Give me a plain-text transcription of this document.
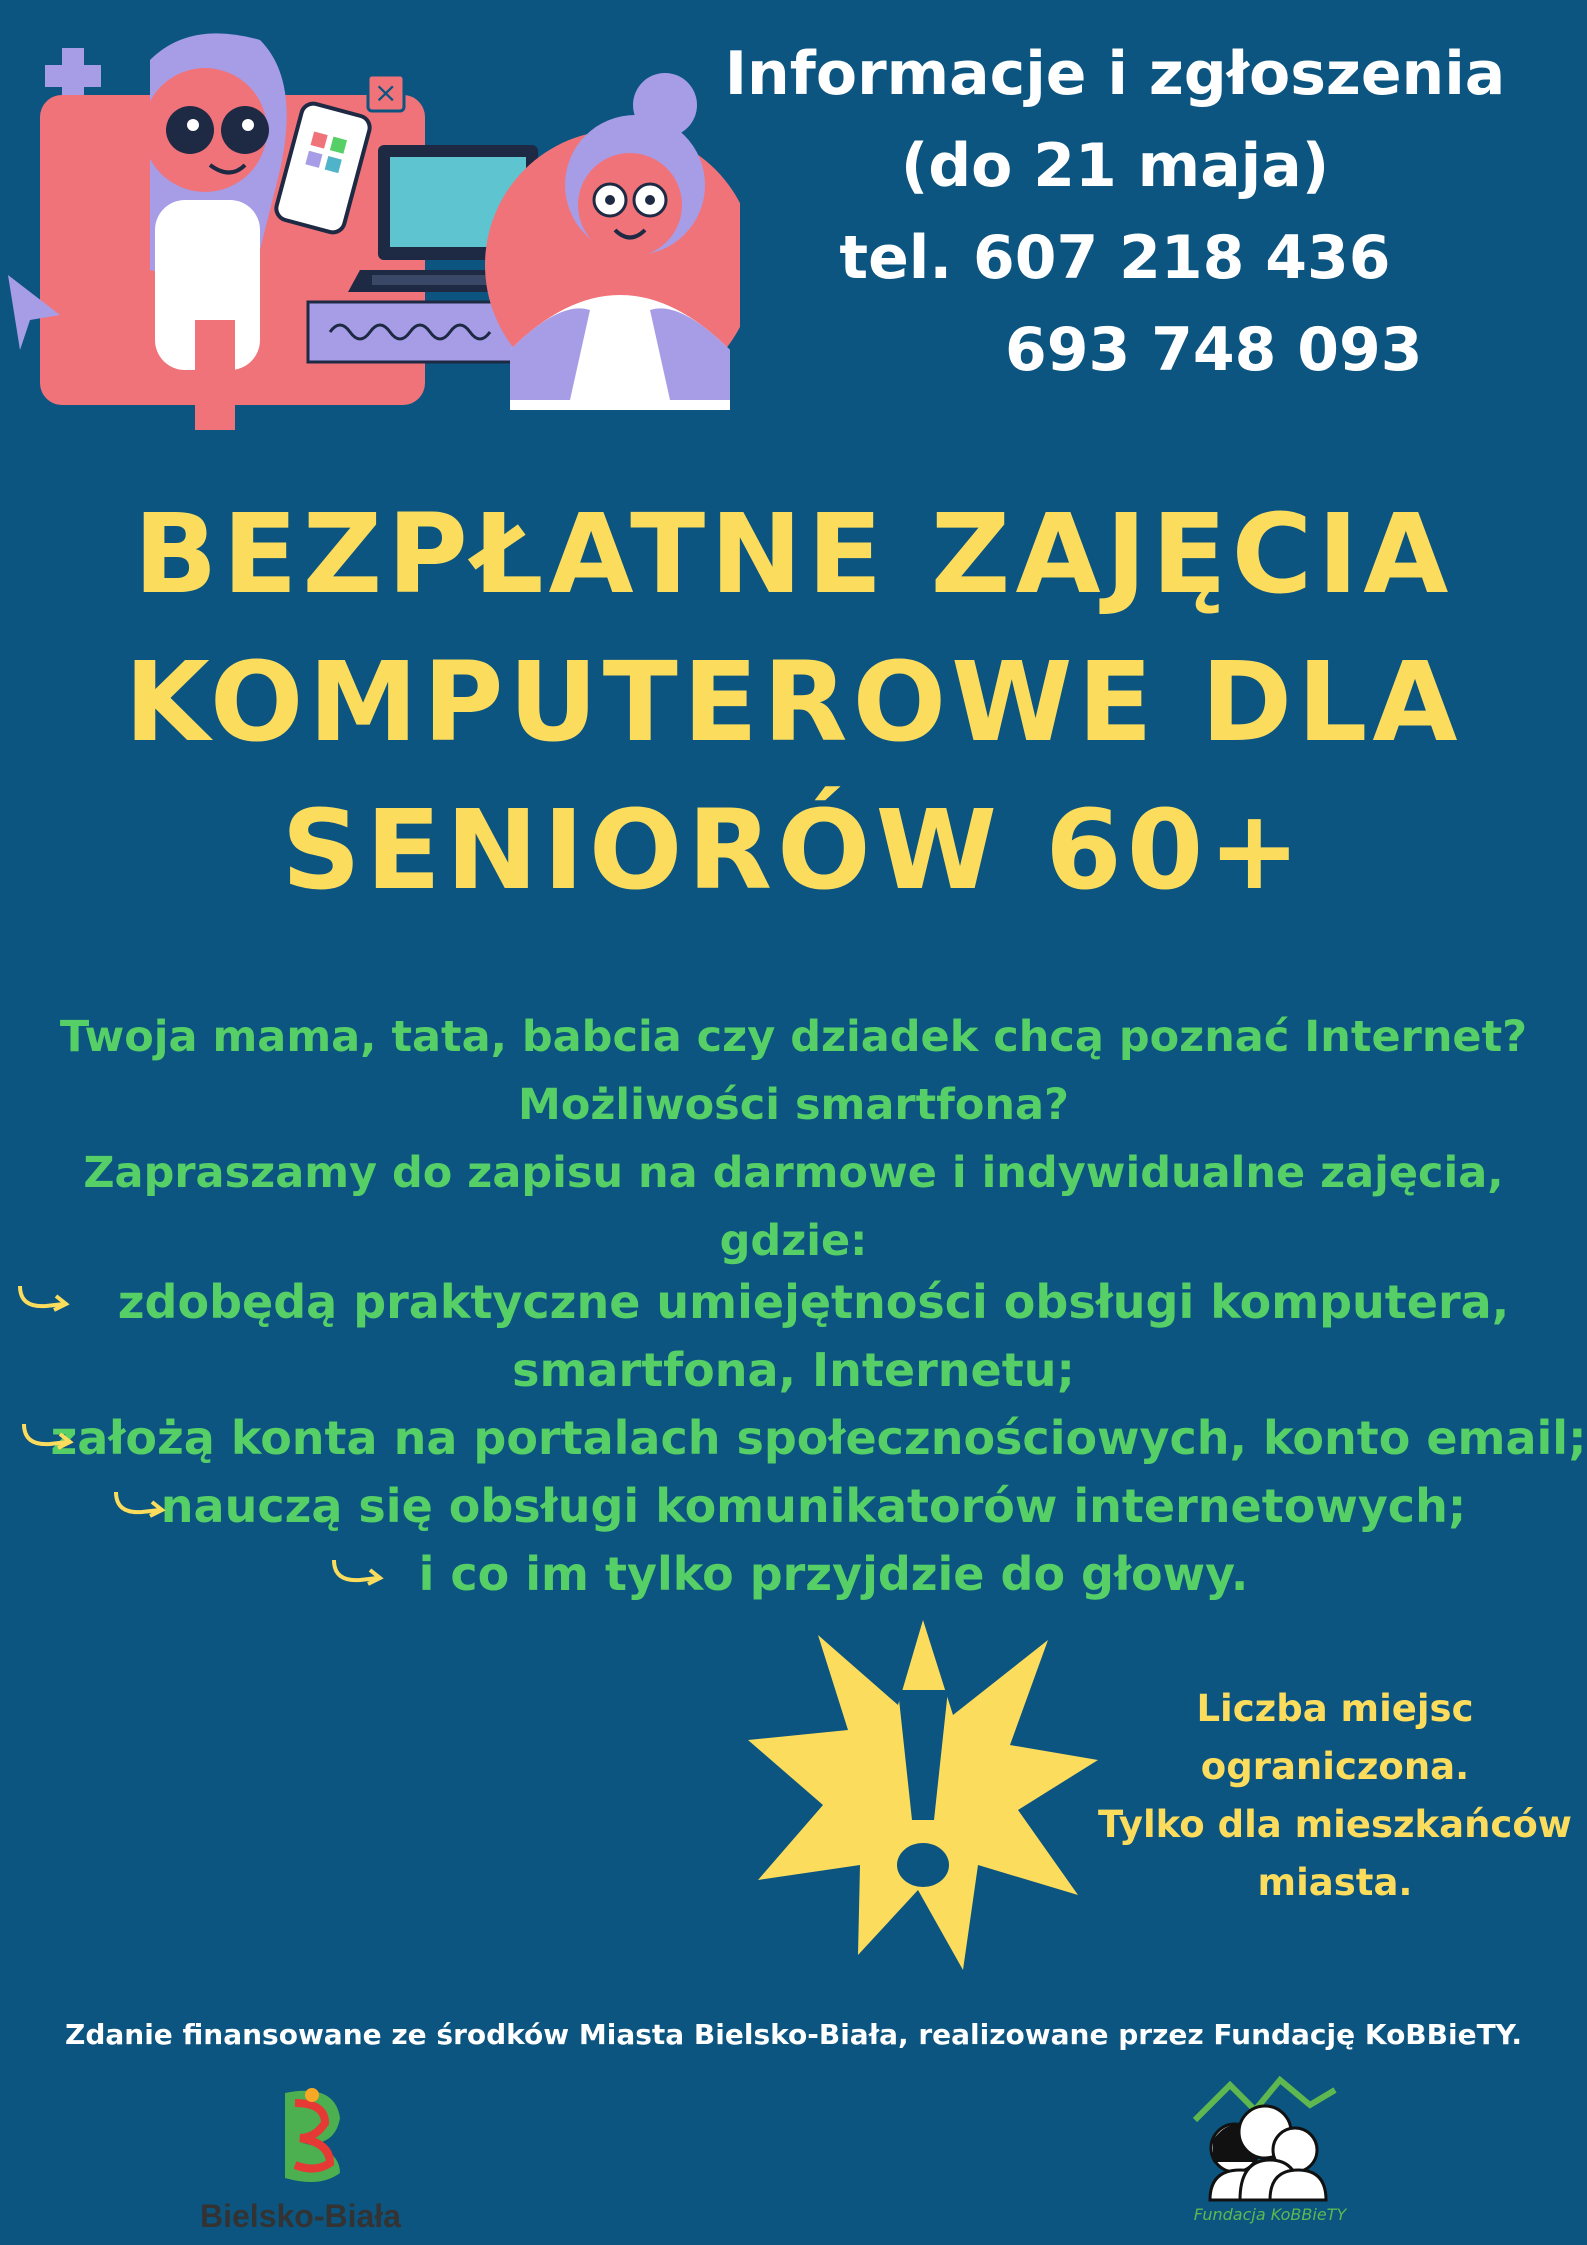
×	Informacje i zgłoszenia
(do 21 maja)
tel. 607 218 436
693 748 093
BEZPŁATNE ZAJĘCIA
KOMPUTEROWE DLA
SENIORÓW 60+
Twoja mama, tata, babcia czy dziadek chcą poznać Internet?
Możliwości smartfona?
Zapraszamy do zapisu na darmowe i indywidualne zajęcia, gdzie:
zdobędą praktyczne umiejętności obsługi komputera,
smartfona, Internetu;
założą konta na portalach społecznościowych, konto email;
nauczą się obsługi komunikatorów internetowych;
i co im tylko przyjdzie do głowy.
Liczba miejsc
ograniczona.
Tylko dla mieszkańców
miasta.
Zdanie finansowane ze środków Miasta Bielsko-Biała, realizowane przez Fundację KoBBieTY.
Bielsko-Biała	Fundacja KoBBieTY
